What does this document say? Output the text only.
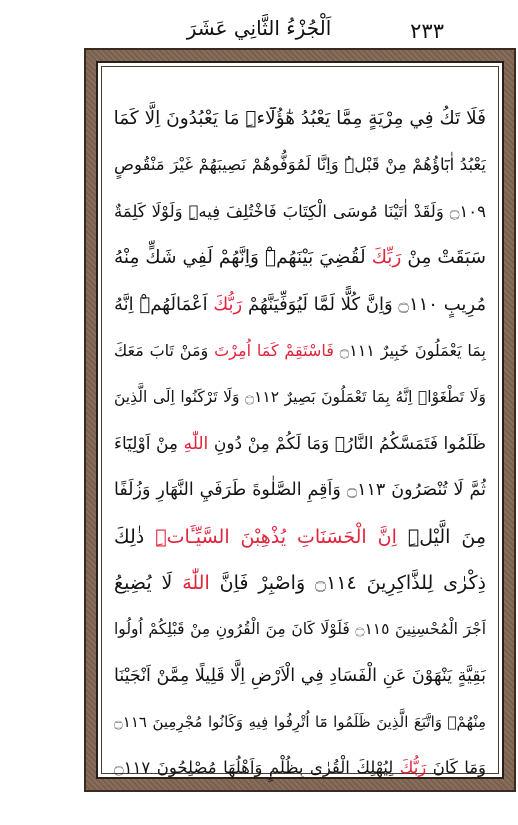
٢٣٣
اَلْجُزْءُ الثَّانِي عَشَرَ
فَلَا تَكُ فِي مِرْيَةٍ مِمَّا يَعْبُدُ هٰٓؤُلَٓاءِۜ مَا يَعْبُدُونَ اِلَّا كَمَا
يَعْبُدُ اٰبَٓاؤُهُمْ مِنْ قَبْلُۜ وَاِنَّا لَمُوَفُّوهُمْ نَصِيبَهُمْ غَيْرَ مَنْقُوصٍ
۝١٠٩ وَلَقَدْ اٰتَيْنَا مُوسَى الْكِتَابَ فَاخْتُلِفَ فِيهِۜ وَلَوْلَا كَلِمَةٌ
سَبَقَتْ مِنْ رَبِّكَ لَقُضِيَ بَيْنَهُمْۜ وَاِنَّهُمْ لَفِي شَكٍّ مِنْهُ
مُرِيبٍ ۝١١٠ وَاِنَّ كُلًّا لَمَّا لَيُوَفِّيَنَّهُمْ رَبُّكَ اَعْمَالَهُمْۜ اِنَّهُ
بِمَا يَعْمَلُونَ خَبِيرٌ ۝١١١ فَاسْتَقِمْ كَمَا اُمِرْتَ وَمَنْ تَابَ مَعَكَ
وَلَا تَطْغَوْاۜ اِنَّهُ بِمَا تَعْمَلُونَ بَصِيرٌ ۝١١٢ وَلَا تَرْكَنُوا اِلَى الَّذِينَ
ظَلَمُوا فَتَمَسَّكُمُ النَّارُۙ وَمَا لَكُمْ مِنْ دُونِ اللّٰهِ مِنْ اَوْلِيَٓاءَ
ثُمَّ لَا تُنْصَرُونَ ۝١١٣ وَاَقِمِ الصَّلٰوةَ طَرَفَيِ النَّهَارِ وَزُلَفًا
مِنَ الَّيْلِۜ اِنَّ الْحَسَنَاتِ يُذْهِبْنَ السَّيِّـَٔاتِۜ ذٰلِكَ
ذِكْرٰى لِلذَّاكِرِينَ ۝١١٤ وَاصْبِرْ فَاِنَّ اللّٰهَ لَا يُضِيعُ
اَجْرَ الْمُحْسِنِينَ ۝١١٥ فَلَوْلَا كَانَ مِنَ الْقُرُونِ مِنْ قَبْلِكُمْ اُولُوا
بَقِيَّةٍ يَنْهَوْنَ عَنِ الْفَسَادِ فِي الْاَرْضِ اِلَّا قَلِيلًا مِمَّنْ اَنْجَيْنَا
مِنْهُمْۚ وَاتَّبَعَ الَّذِينَ ظَلَمُوا مَٓا اُتْرِفُوا فِيهِ وَكَانُوا مُجْرِمِينَ ۝١١٦
وَمَا كَانَ رَبُّكَ لِيُهْلِكَ الْقُرٰى بِظُلْمٍ وَاَهْلُهَا مُصْلِحُونَ ۝١١٧
